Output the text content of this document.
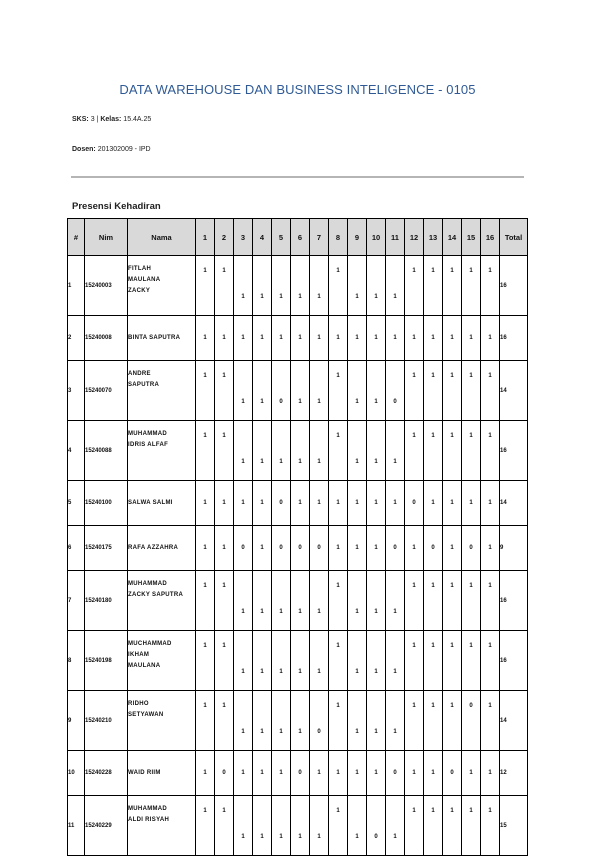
DATA WAREHOUSE DAN BUSINESS INTELIGENCE - 0105
SKS: 3 | Kelas: 15.4A.25
Dosen: 201302009 - IPD
Presensi Kehadiran
#	Nim	Nama	1	2	3	4	5	6	7	8	9	10	11	12	13	14	15	16	Total
1	15240003	FITLAH
MAULANA
ZACKY	1	1	1	1	1	1	1	1	1	1	1	1	1	1	1	1	16
2	15240008	BINTA SAPUTRA	1	1	1	1	1	1	1	1	1	1	1	1	1	1	1	1	16
3	15240070	ANDRE
SAPUTRA	1	1	1	1	0	1	1	1	1	1	0	1	1	1	1	1	14
4	15240088	MUHAMMAD
IDRIS ALFAF	1	1	1	1	1	1	1	1	1	1	1	1	1	1	1	1	16
5	15240100	SALWA SALMI	1	1	1	1	0	1	1	1	1	1	1	0	1	1	1	1	14
6	15240175	RAFA AZZAHRA	1	1	0	1	0	0	0	1	1	1	0	1	0	1	0	1	9
7	15240180	MUHAMMAD
ZACKY SAPUTRA	1	1	1	1	1	1	1	1	1	1	1	1	1	1	1	1	16
8	15240198	MUCHAMMAD
IKHAM
MAULANA	1	1	1	1	1	1	1	1	1	1	1	1	1	1	1	1	16
9	15240210	RIDHO
SETYAWAN	1	1	1	1	1	1	0	1	1	1	1	1	1	1	0	1	14
10	15240228	WAID RIIM	1	0	1	1	1	0	1	1	1	1	0	1	1	0	1	1	12
11	15240229	MUHAMMAD
ALDI RISYAH	1	1	1	1	1	1	1	1	1	0	1	1	1	1	1	1	15
